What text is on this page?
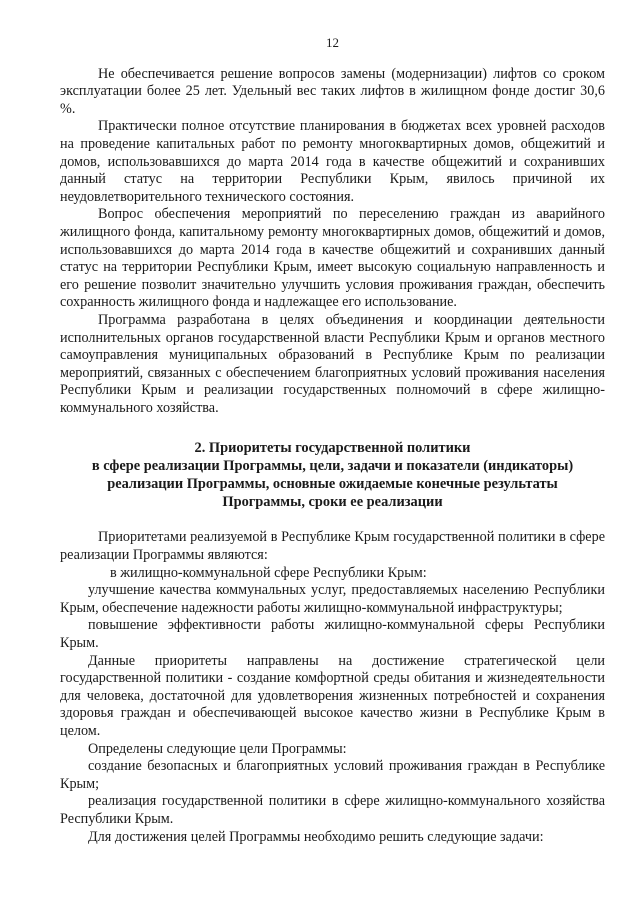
12

Не обеспечивается решение вопросов замены (модернизации) лифтов со сроком эксплуатации более 25 лет. Удельный вес таких лифтов в жилищном фонде достиг 30,6 %.

Практически полное отсутствие планирования в бюджетах всех уровней расходов на проведение капитальных работ по ремонту многоквартирных домов, общежитий и домов, использовавшихся до марта 2014 года в качестве общежитий и сохранивших данный статус на территории Республики Крым, явилось причиной их неудовлетворительного технического состояния.

Вопрос обеспечения мероприятий по переселению граждан из аварийного жилищного фонда, капитальному ремонту многоквартирных домов, общежитий и домов, использовавшихся до марта 2014 года в качестве общежитий и сохранивших данный статус на территории Республики Крым, имеет высокую социальную направленность и его решение позволит значительно улучшить условия проживания граждан, обеспечить сохранность жилищного фонда и надлежащее его использование.

Программа разработана в целях объединения и координации деятельности исполнительных органов государственной власти Республики Крым и органов местного самоуправления муниципальных образований в Республике Крым по реализации мероприятий, связанных с обеспечением благоприятных условий проживания населения Республики Крым и реализации государственных полномочий в сфере жилищно-коммунального хозяйства.

2. Приоритеты государственной политики
в сфере реализации Программы, цели, задачи и показатели (индикаторы)
реализации Программы, основные ожидаемые конечные результаты
Программы, сроки ее реализации

Приоритетами реализуемой в Республике Крым государственной политики в сфере реализации Программы являются:

в жилищно-коммунальной сфере Республики Крым:

улучшение качества коммунальных услуг, предоставляемых населению Республики Крым, обеспечение надежности работы жилищно-коммунальной инфраструктуры;

повышение эффективности работы жилищно-коммунальной сферы Республики Крым.

Данные приоритеты направлены на достижение стратегической цели государственной политики - создание комфортной среды обитания и жизнедеятельности для человека, достаточной для удовлетворения жизненных потребностей и сохранения здоровья граждан и обеспечивающей высокое качество жизни в Республике Крым в целом.

Определены следующие цели Программы:

создание безопасных и благоприятных условий проживания граждан в Республике Крым;

реализация государственной политики в сфере жилищно-коммунального хозяйства Республики Крым.

Для достижения целей Программы необходимо решить следующие задачи:
